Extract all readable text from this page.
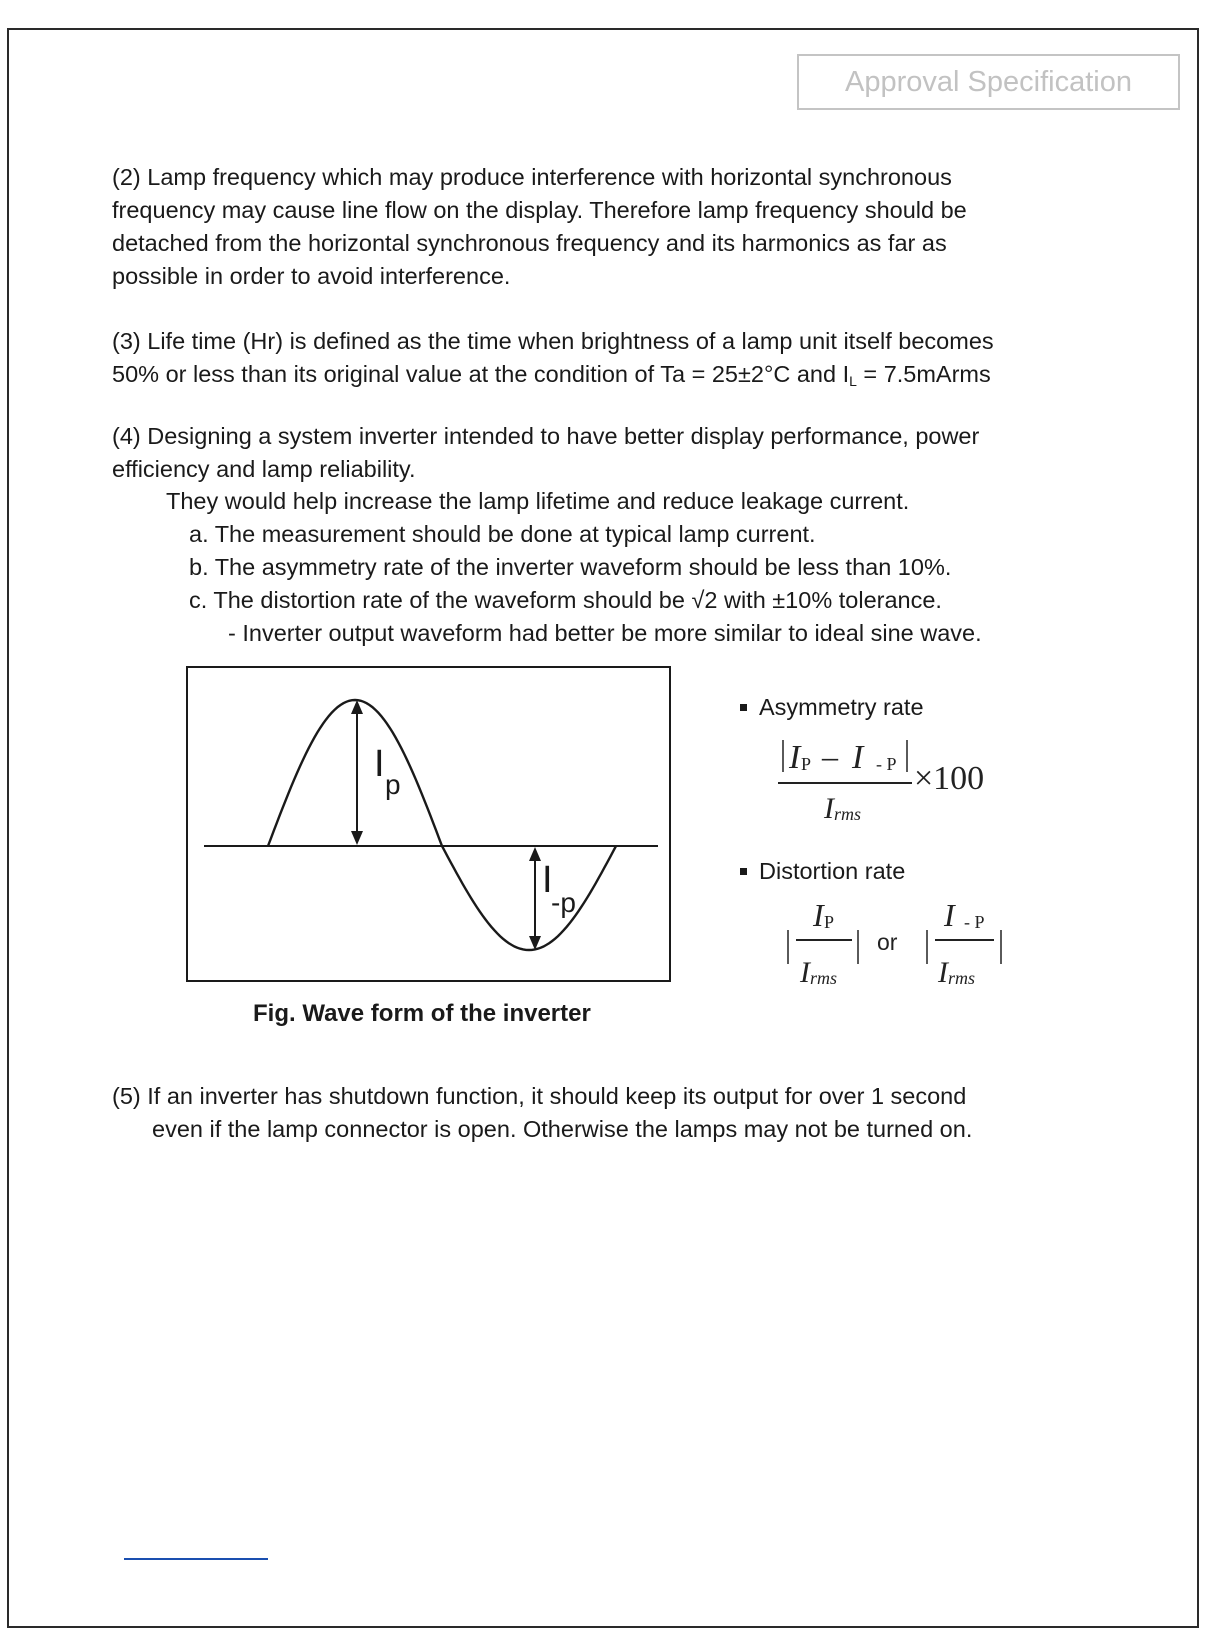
Approval Specification
(2) Lamp frequency which may produce interference with horizontal synchronous
frequency may cause line flow on the display. Therefore lamp frequency should be
detached from the horizontal synchronous frequency and its harmonics as far as
possible in order to avoid interference.
(3) Life time (Hr) is defined as the time when brightness of a lamp unit itself becomes
50% or less than its original value at the condition of Ta = 25±2°C and $I_L$ = 7.5mArms
(4) Designing a system inverter intended to have better display performance, power
efficiency and lamp reliability.
They would help increase the lamp lifetime and reduce leakage current.
a. The measurement should be done at typical lamp current.
b. The asymmetry rate of the inverter waveform should be less than 10%.
c. The distortion rate of the waveform should be √2 with ±10% tolerance.
- Inverter output waveform had better be more similar to ideal sine wave.
I p
I
-p
Fig. Wave form of the inverter
Asymmetry rate
I P – I - P ×100
I rms
Distortion rate
I P
I rms
or
I - P
I rms
(5) If an inverter has shutdown function, it should keep its output for over 1 second
even if the lamp connector is open. Otherwise the lamps may not be turned on.
